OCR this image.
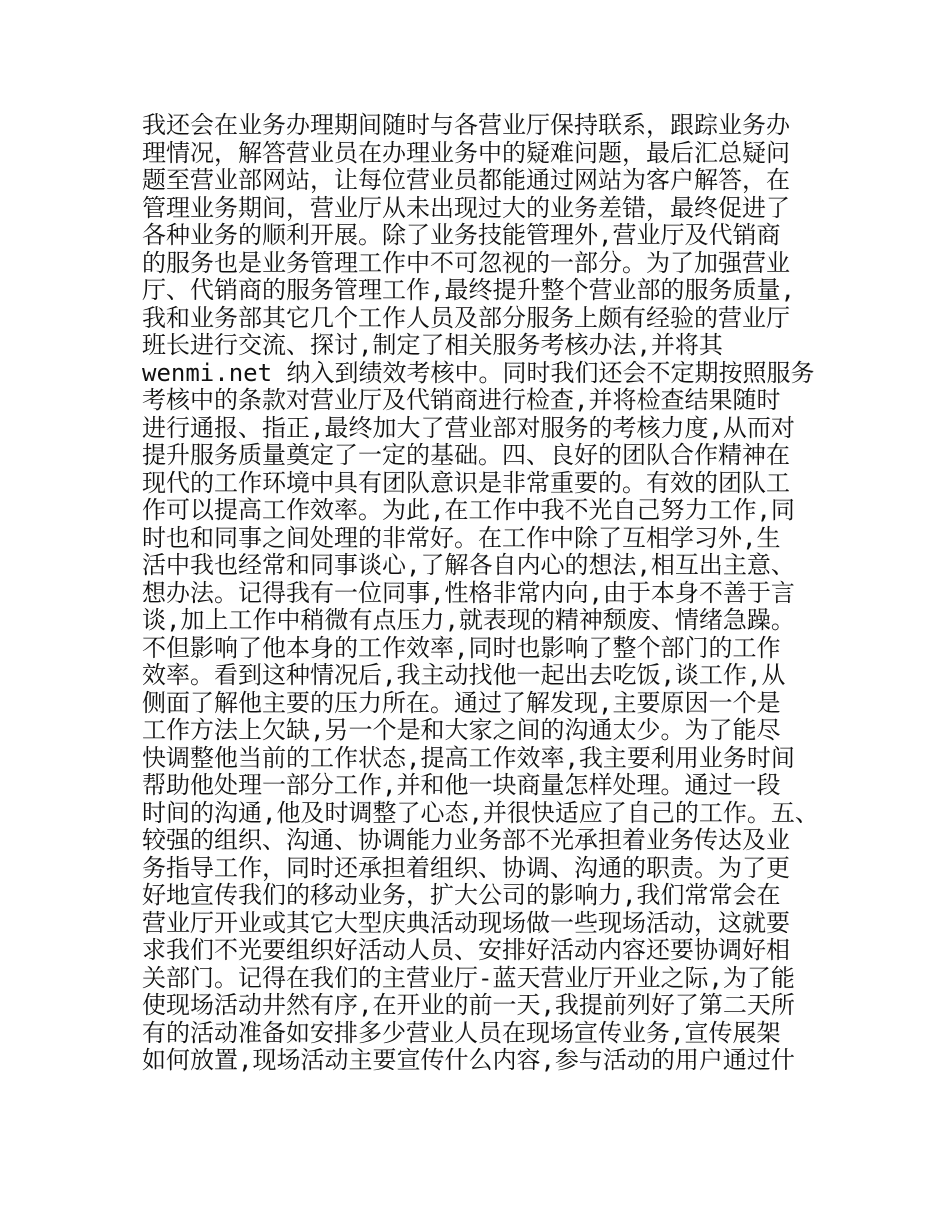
我还会在业务办理期间随时与各营业厅保持联系，跟踪业务办
理情况，解答营业员在办理业务中的疑难问题，最后汇总疑问
题至营业部网站，让每位营业员都能通过网站为客户解答，在
管理业务期间，营业厅从未出现过大的业务差错，最终促进了
各种业务的顺利开展。除了业务技能管理外,营业厅及代销商
的服务也是业务管理工作中不可忽视的一部分。为了加强营业
厅、代销商的服务管理工作,最终提升整个营业部的服务质量,
我和业务部其它几个工作人员及部分服务上颇有经验的营业厅
班长进行交流、探讨,制定了相关服务考核办法,并将其
wenmi.net 纳入到绩效考核中。同时我们还会不定期按照服务
考核中的条款对营业厅及代销商进行检查,并将检查结果随时
进行通报、指正,最终加大了营业部对服务的考核力度,从而对
提升服务质量奠定了一定的基础。四、良好的团队合作精神在
现代的工作环境中具有团队意识是非常重要的。有效的团队工
作可以提高工作效率。为此,在工作中我不光自己努力工作,同
时也和同事之间处理的非常好。在工作中除了互相学习外,生
活中我也经常和同事谈心,了解各自内心的想法,相互出主意、
想办法。记得我有一位同事,性格非常内向,由于本身不善于言
谈,加上工作中稍微有点压力,就表现的精神颓废、情绪急躁。
不但影响了他本身的工作效率,同时也影响了整个部门的工作
效率。看到这种情况后,我主动找他一起出去吃饭,谈工作,从
侧面了解他主要的压力所在。通过了解发现,主要原因一个是
工作方法上欠缺,另一个是和大家之间的沟通太少。为了能尽
快调整他当前的工作状态,提高工作效率,我主要利用业务时间
帮助他处理一部分工作,并和他一块商量怎样处理。通过一段
时间的沟通,他及时调整了心态,并很快适应了自己的工作。五、
较强的组织、沟通、协调能力业务部不光承担着业务传达及业
务指导工作，同时还承担着组织、协调、沟通的职责。为了更
好地宣传我们的移动业务，扩大公司的影响力,我们常常会在
营业厅开业或其它大型庆典活动现场做一些现场活动，这就要
求我们不光要组织好活动人员、安排好活动内容还要协调好相
关部门。记得在我们的主营业厅-蓝天营业厅开业之际,为了能
使现场活动井然有序,在开业的前一天,我提前列好了第二天所
有的活动准备如安排多少营业人员在现场宣传业务,宣传展架
如何放置,现场活动主要宣传什么内容,参与活动的用户通过什
